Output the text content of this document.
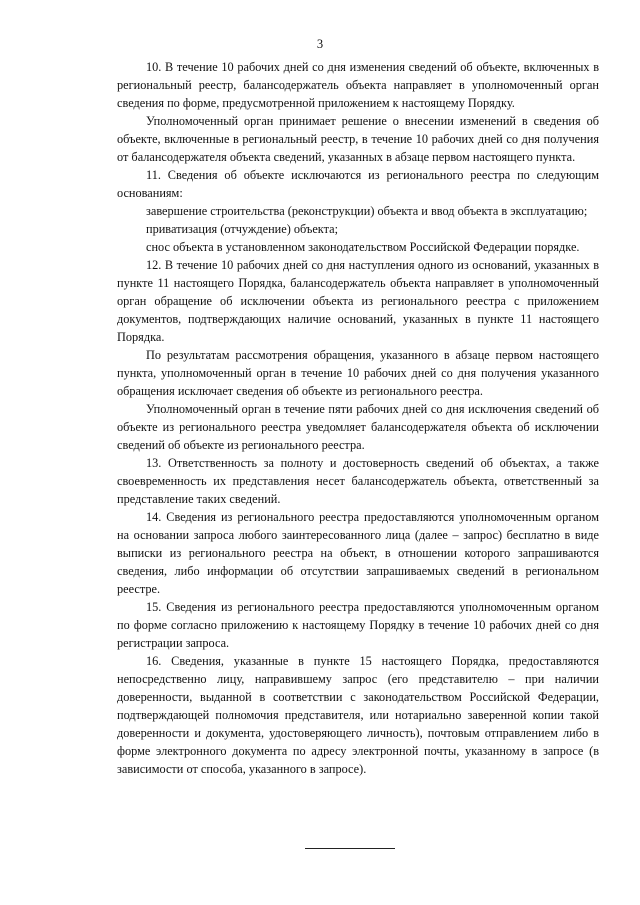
3

10. В течение 10 рабочих дней со дня изменения сведений об объекте, включенных в региональный реестр, балансодержатель объекта направляет в уполномоченный орган сведения по форме, предусмотренной приложением к настоящему Порядку.

Уполномоченный орган принимает решение о внесении изменений в сведения об объекте, включенные в региональный реестр, в течение 10 рабочих дней со дня получения от балансодержателя объекта сведений, указанных в абзаце первом настоящего пункта.

11. Сведения об объекте исключаются из регионального реестра по следующим основаниям:

завершение строительства (реконструкции) объекта и ввод объекта в эксплуатацию;

приватизация (отчуждение) объекта;

снос объекта в установленном законодательством Российской Федерации порядке.

12. В течение 10 рабочих дней со дня наступления одного из оснований, указанных в пункте 11 настоящего Порядка, балансодержатель объекта направляет в уполномоченный орган обращение об исключении объекта из регионального реестра с приложением документов, подтверждающих наличие оснований, указанных в пункте 11 настоящего Порядка.

По результатам рассмотрения обращения, указанного в абзаце первом настоящего пункта, уполномоченный орган в течение 10 рабочих дней со дня получения указанного обращения исключает сведения об объекте из регионального реестра.

Уполномоченный орган в течение пяти рабочих дней со дня исключения сведений об объекте из регионального реестра уведомляет балансодержателя объекта об исключении сведений об объекте из регионального реестра.

13. Ответственность за полноту и достоверность сведений об объектах, а также своевременность их представления несет балансодержатель объекта, ответственный за представление таких сведений.

14. Сведения из регионального реестра предоставляются уполномоченным органом на основании запроса любого заинтересованного лица (далее – запрос) бесплатно в виде выписки из регионального реестра на объект, в отношении которого запрашиваются сведения, либо информации об отсутствии запрашиваемых сведений в региональном реестре.

15. Сведения из регионального реестра предоставляются уполномоченным органом по форме согласно приложению к настоящему Порядку в течение 10 рабочих дней со дня регистрации запроса.

16. Сведения, указанные в пункте 15 настоящего Порядка, предоставляются непосредственно лицу, направившему запрос (его представителю – при наличии доверенности, выданной в соответствии с законодательством Российской Федерации, подтверждающей полномочия представителя, или нотариально заверенной копии такой доверенности и документа, удостоверяющего личность), почтовым отправлением либо в форме электронного документа по адресу электронной почты, указанному в запросе (в зависимости от способа, указанного в запросе).
